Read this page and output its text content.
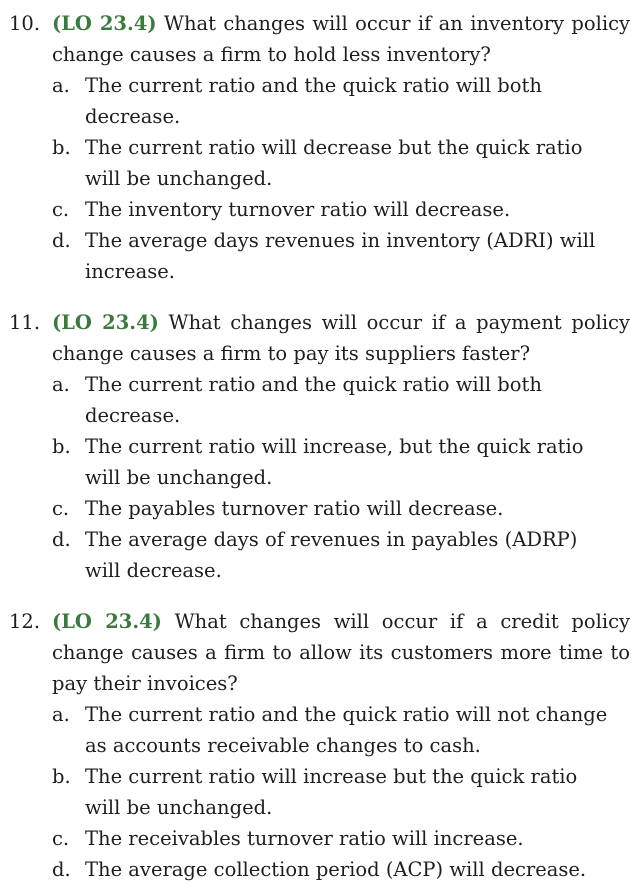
10. (LO 23.4) What changes will occur if an inventory policy change causes a firm to hold less inventory?
a. The current ratio and the quick ratio will both decrease.
b. The current ratio will decrease but the quick ratio will be unchanged.
c. The inventory turnover ratio will decrease.
d. The average days revenues in inventory (ADRI) will increase.
11. (LO 23.4) What changes will occur if a payment policy change causes a firm to pay its suppliers faster?
a. The current ratio and the quick ratio will both decrease.
b. The current ratio will increase, but the quick ratio will be unchanged.
c. The payables turnover ratio will decrease.
d. The average days of revenues in payables (ADRP) will decrease.
12. (LO 23.4) What changes will occur if a credit policy change causes a firm to allow its customers more time to pay their invoices?
a. The current ratio and the quick ratio will not change as accounts receivable changes to cash.
b. The current ratio will increase but the quick ratio will be unchanged.
c. The receivables turnover ratio will increase.
d. The average collection period (ACP) will decrease.
